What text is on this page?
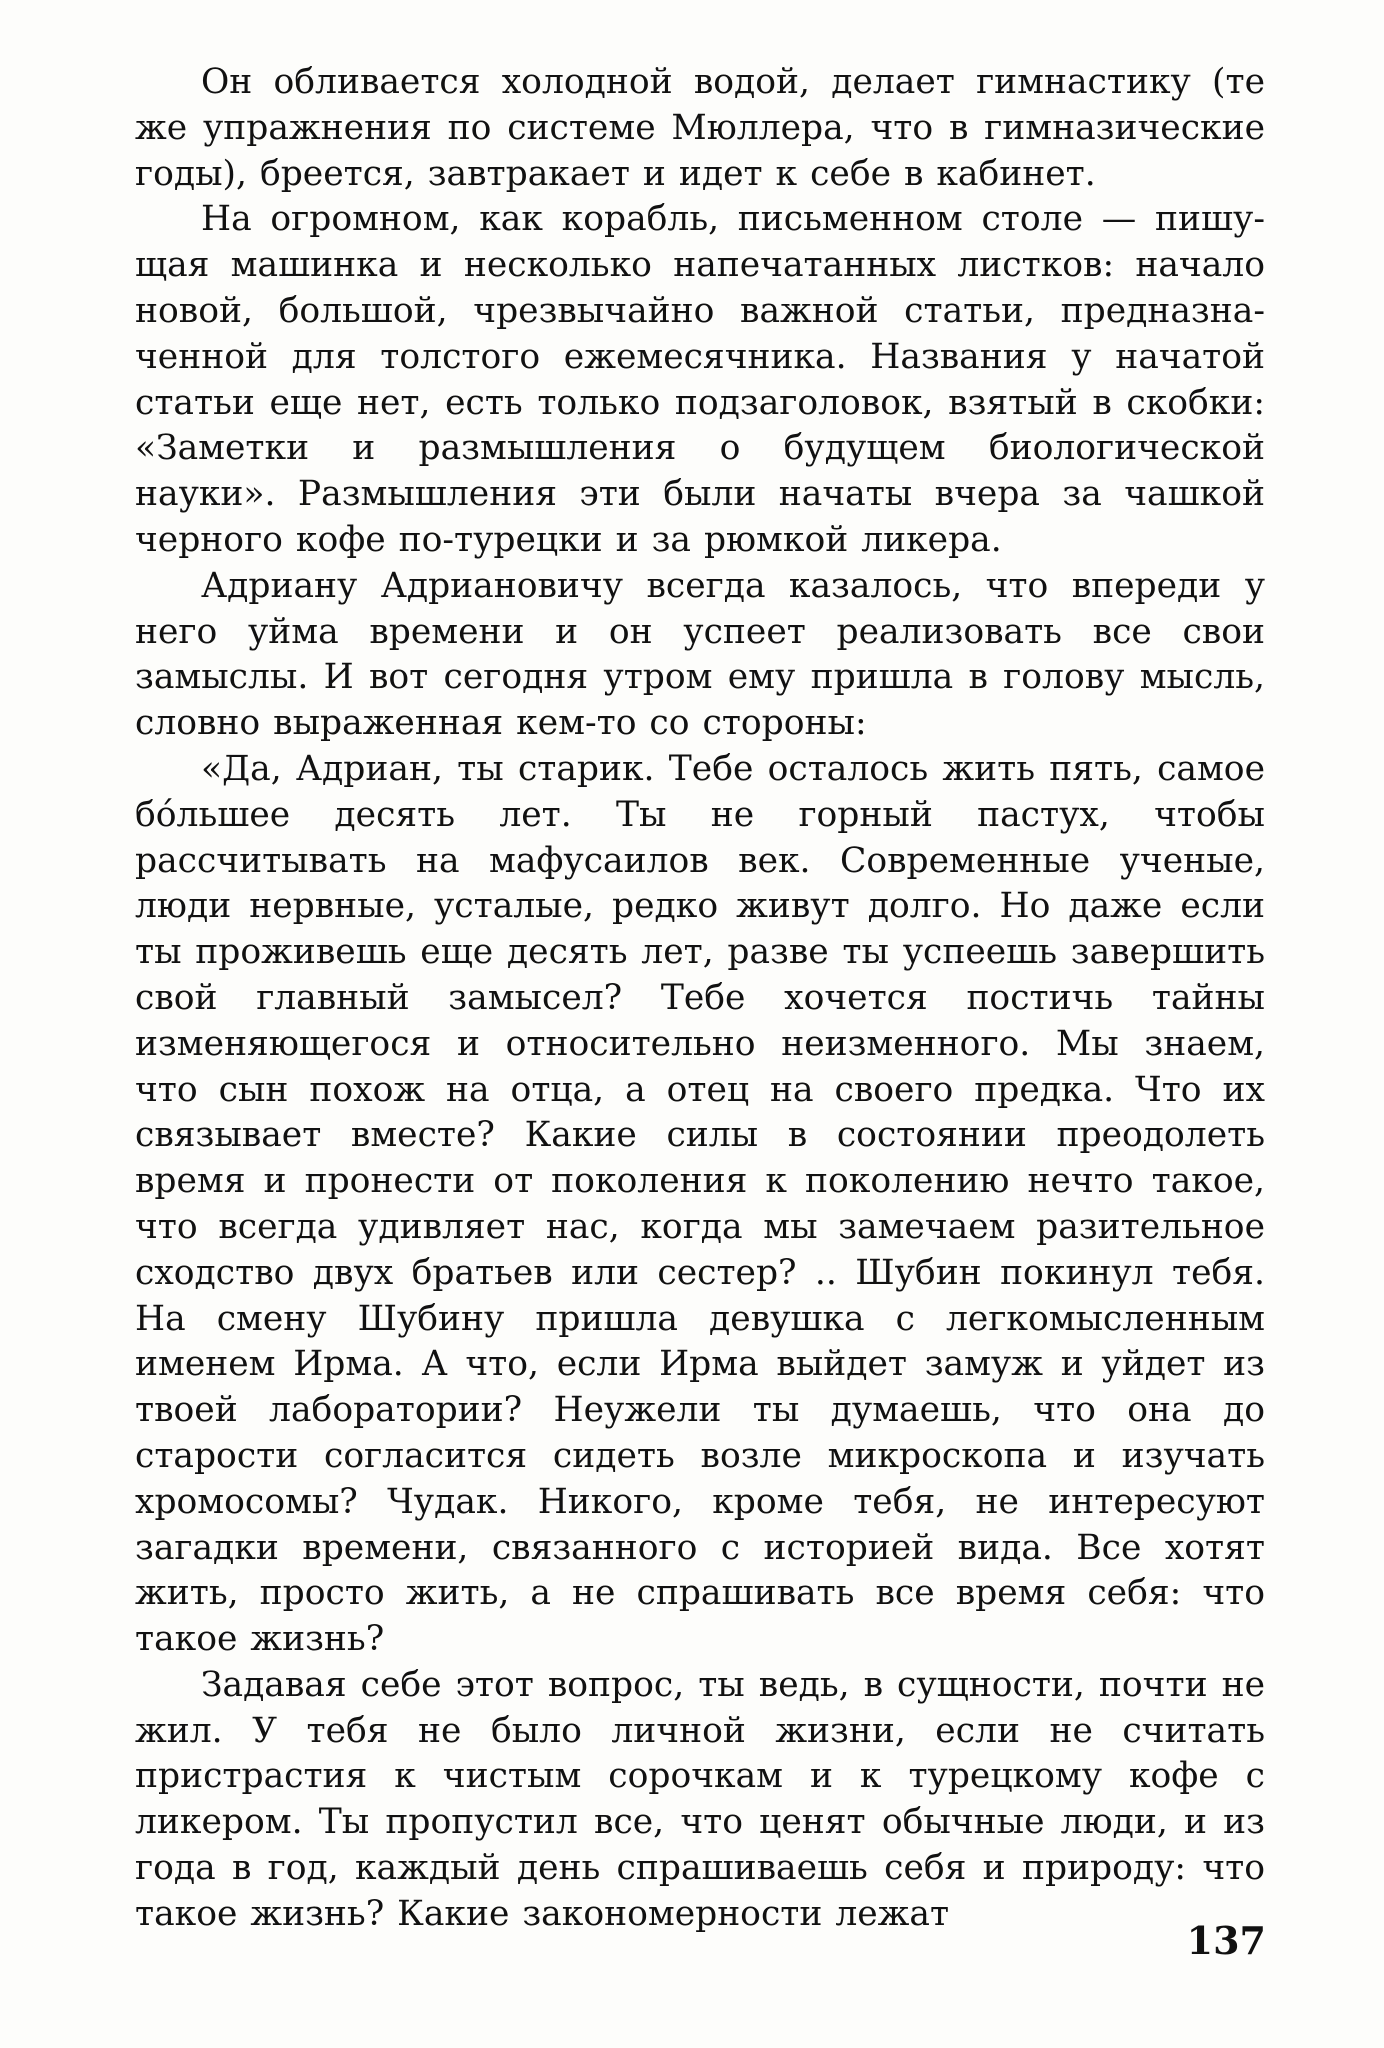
Он обливается холодной водой, делает гимнастику (те же упражнения по системе Мюллера, что в гимназические годы), бреется, завтракает и идет к себе в кабинет.

На огромном, как корабль, письменном столе — пишущая машинка и несколько напечатанных листков: начало новой, большой, чрезвычайно важной статьи, предназначенной для толстого ежемесячника. Названия у начатой статьи еще нет, есть только подзаголовок, взятый в скобки: «Заметки и размышления о будущем биологической науки». Размышления эти были начаты вчера за чашкой черного кофе по-турецки и за рюмкой ликера.

Адриану Адриановичу всегда казалось, что впереди у него уйма времени и он успеет реализовать все свои замыслы. И вот сегодня утром ему пришла в голову мысль, словно выраженная кем-то со стороны:

«Да, Адриан, ты старик. Тебе осталось жить пять, самое бо́льшее десять лет. Ты не горный пастух, чтобы рассчитывать на мафусаилов век. Современные ученые, люди нервные, усталые, редко живут долго. Но даже если ты проживешь еще десять лет, разве ты успеешь завершить свой главный замысел? Тебе хочется постичь тайны изменяющегося и относительно неизменного. Мы знаем, что сын похож на отца, а отец на своего предка. Что их связывает вместе? Какие силы в состоянии преодолеть время и пронести от поколения к поколению нечто такое, что всегда удивляет нас, когда мы замечаем разительное сходство двух братьев или сестер? .. Шубин покинул тебя. На смену Шубину пришла девушка с легкомысленным именем Ирма. А что, если Ирма выйдет замуж и уйдет из твоей лаборатории? Неужели ты думаешь, что она до старости согласится сидеть возле микроскопа и изучать хромосомы? Чудак. Никого, кроме тебя, не интересуют загадки времени, связанного с историей вида. Все хотят жить, просто жить, а не спрашивать все время себя: что такое жизнь?

Задавая себе этот вопрос, ты ведь, в сущности, почти не жил. У тебя не было личной жизни, если не считать пристрастия к чистым сорочкам и к турецкому кофе с ликером. Ты пропустил все, что ценят обычные люди, и из года в год, каждый день спрашиваешь себя и природу: что такое жизнь? Какие закономерности лежат

137
